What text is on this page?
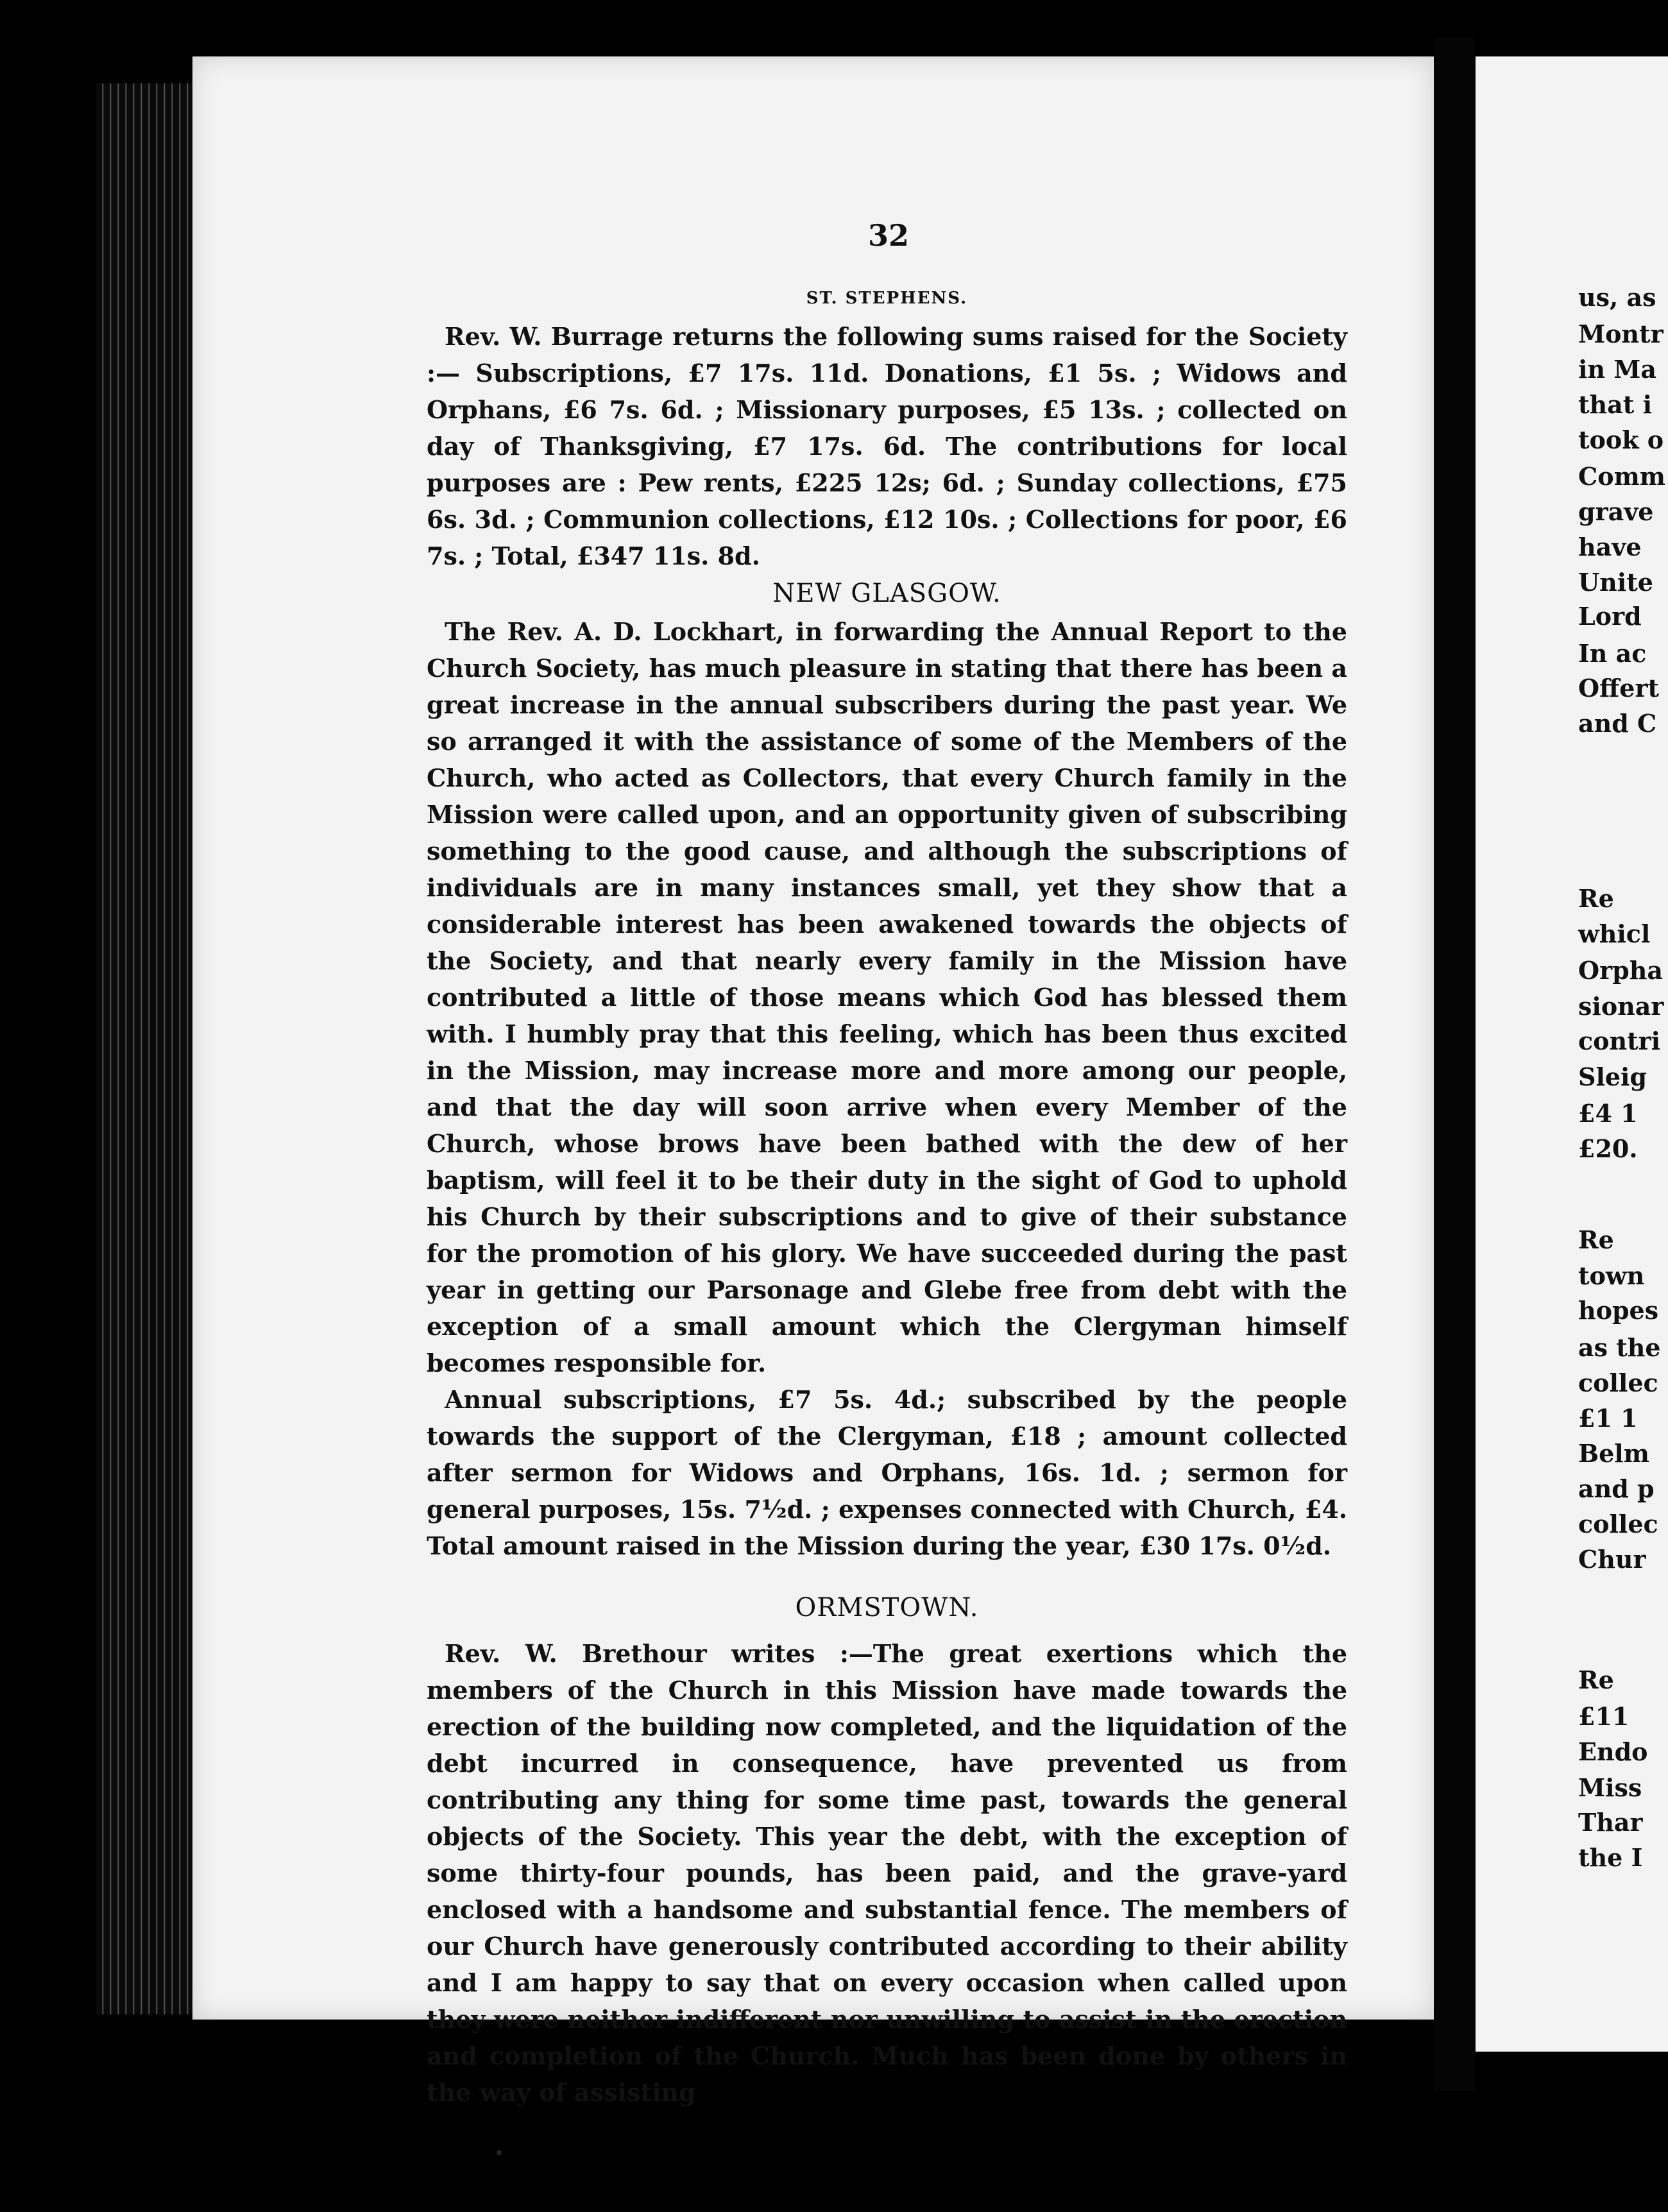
32
ST. STEPHENS.

Rev. W. Burrage returns the following sums raised for the Society :— Subscriptions, £7 17s. 11d. Donations, £1 5s. ; Widows and Orphans, £6 7s. 6d. ; Missionary purposes, £5 13s. ; collected on day of Thanksgiving, £7 17s. 6d. The contributions for local purposes are : Pew rents, £225 12s; 6d. ; Sunday collections, £75 6s. 3d. ; Communion collections, £12 10s. ; Collections for poor, £6 7s. ; Total, £347 11s. 8d.

NEW GLASGOW.

The Rev. A. D. Lockhart, in forwarding the Annual Report to the Church Society, has much pleasure in stating that there has been a great increase in the annual subscribers during the past year. We so arranged it with the assistance of some of the Members of the Church, who acted as Collectors, that every Church family in the Mission were called upon, and an opportunity given of subscribing something to the good cause, and although the subscriptions of individuals are in many instances small, yet they show that a considerable interest has been awakened towards the objects of the Society, and that nearly every family in the Mission have contributed a little of those means which God has blessed them with. I humbly pray that this feeling, which has been thus excited in the Mission, may increase more and more among our people, and that the day will soon arrive when every Member of the Church, whose brows have been bathed with the dew of her baptism, will feel it to be their duty in the sight of God to uphold his Church by their subscriptions and to give of their substance for the promotion of his glory. We have succeeded during the past year in getting our Parsonage and Glebe free from debt with the exception of a small amount which the Clergyman himself becomes responsible for.

Annual subscriptions, £7 5s. 4d.; subscribed by the people towards the support of the Clergyman, £18 ; amount collected after sermon for Widows and Orphans, 16s. 1d. ; sermon for general purposes, 15s. 7½d. ; expenses connected with Church, £4. Total amount raised in the Mission during the year, £30 17s. 0½d.

ORMSTOWN.

Rev. W. Brethour writes :—The great exertions which the members of the Church in this Mission have made towards the erection of the building now completed, and the liquidation of the debt incurred in consequence, have prevented us from contributing any thing for some time past, towards the general objects of the Society. This year the debt, with the exception of some thirty-four pounds, has been paid, and the grave-yard enclosed with a handsome and substantial fence. The members of our Church have generously contributed according to their ability and I am happy to say that on every occasion when called upon they were neither indifferent nor unwilling to assist in the erection and completion of the Church. Much has been done by others in the way of assisting

us, as
Montr
in Ma
that i
took o
Comm
grave
have
Unite
Lord
In ac
Offert
and C
Re
whicl
Orpha
sionar
contri
Sleig
£4 1
£20.
Re
town
hopes
as the
collec
£1 1
Belm
and p
collec
Chur
Re
£11
Endo
Miss
Thar
the I
•
